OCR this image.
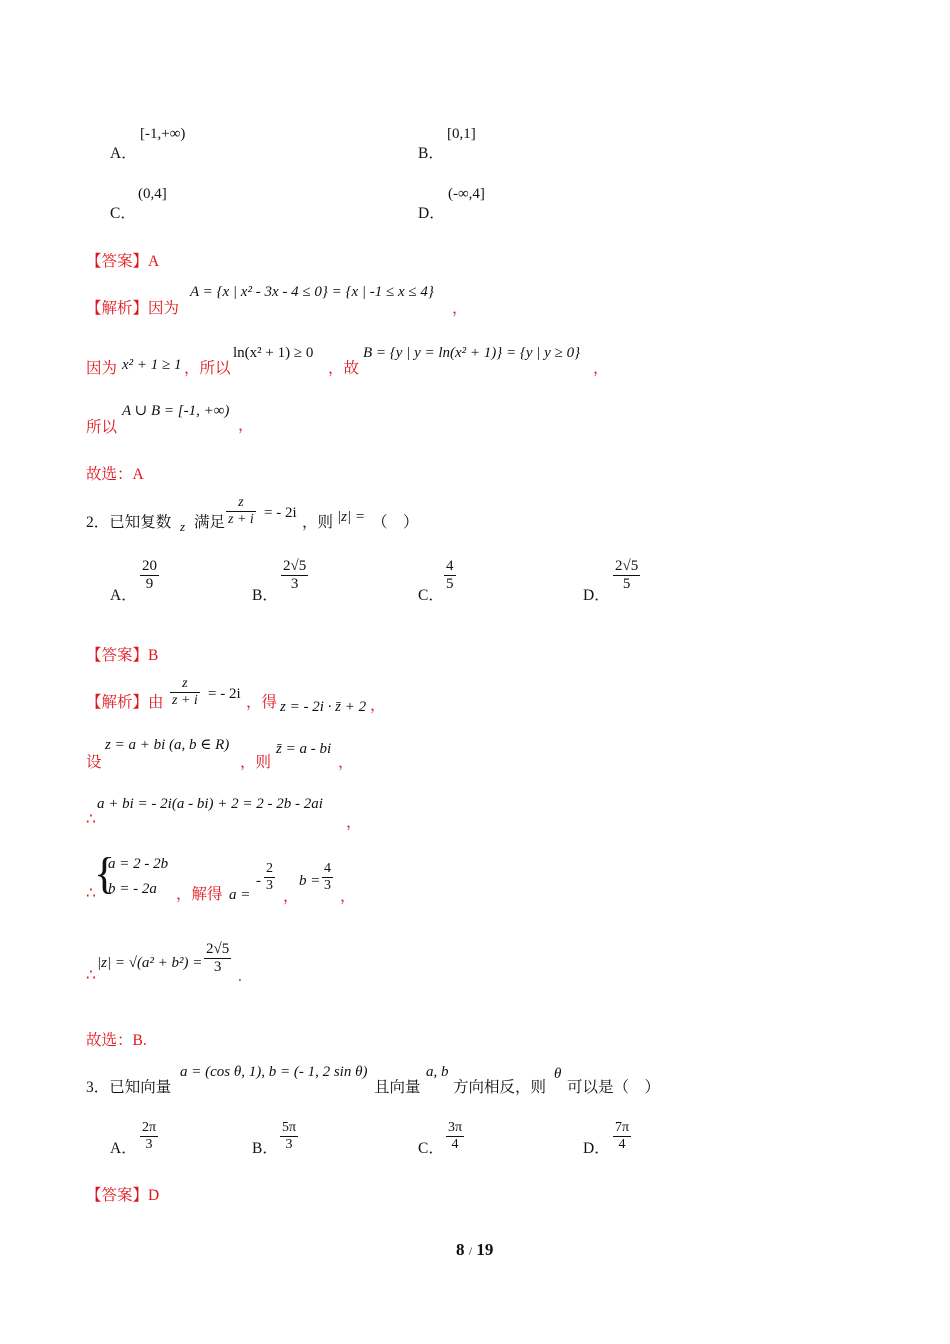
A．
[-1,+∞)
B．
[0,1]
C．
(0,4]
D．
(-∞,4]
【答案】A
【解析】因为
A = {x | x² - 3x - 4 ≤ 0} = {x | -1 ≤ x ≤ 4}
，
因为 x² + 1 ≥ 1 ，所以
ln(x² + 1) ≥ 0
，故
B = {y | y = ln(x² + 1)} = {y | y ≥ 0}
，
所以
A ∪ B = [-1, +∞)
，
故选：A
2．已知复数 z 满足 $\frac{z}{z + i}$ = - 2i
，则 |z| = （　）
A．
$\frac{20}{9}$
B．
$\frac{2√5}{3}$
C．
$\frac{4}{5}$
D．
$\frac{2√5}{5}$
【答案】B
【解析】由 $\frac{z}{z + i}$ = - 2i ，得 z = - 2i · z̄ + 2 ，
设
z = a + bi (a, b ∈ R)
，则
z̄ = a - bi
，
∴
a + bi = - 2i(a - bi) + 2 = 2 - 2b - 2ai
，
∴
{
a = 2 - 2b
b = - 2a ，解得 a =
- $\frac{2}{3}$
，
$b = \frac{4}{3}$
，
∴
$|z| = √(a^2 + b^2) = \frac{2√5}{3}$ .
故选：B.
3．已知向量
a = (cos θ, 1), b = (- 1, 2 sin θ)
且向量
a, b
方向相反，则
θ
可以是（　）
A． $\frac{2\pi}{3}$	B． $\frac{5\pi}{3}$	C． $\frac{3\pi}{4}$	D． $\frac{7\pi}{4}$
【答案】D
8 / 19
